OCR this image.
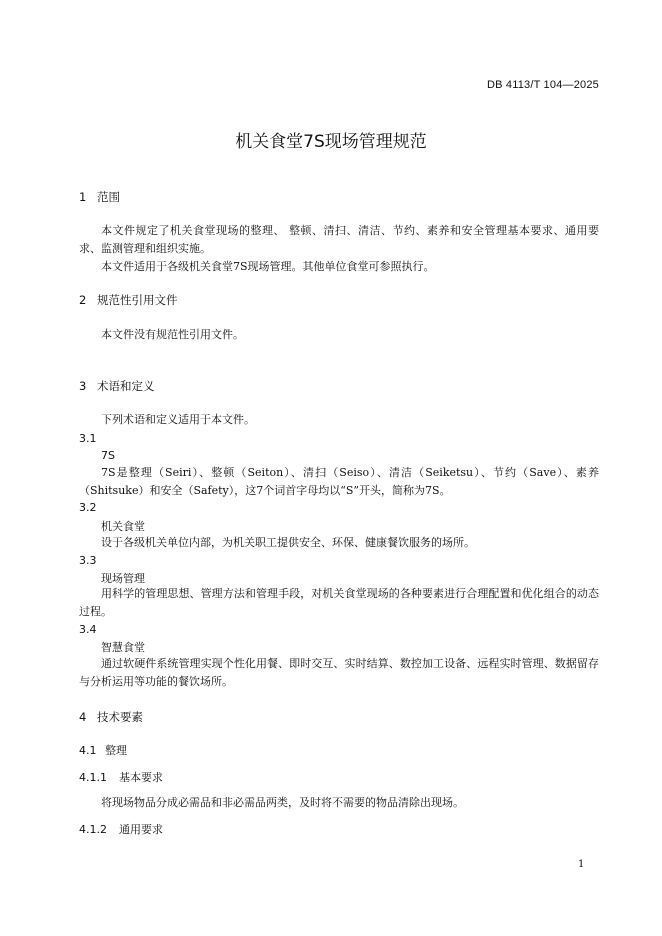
DB 4113/T 104—2025
机关食堂7S现场管理规范
1 范围
本文件规定了机关食堂现场的整理、 整顿、清扫、清洁、节约、素养和安全管理基本要求、通用要求、监测管理和组织实施。
本文件适用于各级机关食堂7S现场管理。其他单位食堂可参照执行。
2 规范性引用文件
本文件没有规范性引用文件。
3 术语和定义
下列术语和定义适用于本文件。
3.1
7S
7S是整理（Seiri）、整顿（Seiton）、清扫（Seiso）、清洁（Seiketsu）、节约（Save）、素养（Shitsuke）和安全（Safety），这7个词首字母均以“S”开头，简称为7S。
3.2
机关食堂
设于各级机关单位内部，为机关职工提供安全、环保、健康餐饮服务的场所。
3.3
现场管理
用科学的管理思想、管理方法和管理手段，对机关食堂现场的各种要素进行合理配置和优化组合的动态过程。
3.4
智慧食堂
通过软硬件系统管理实现个性化用餐、即时交互、实时结算、数控加工设备、远程实时管理、数据留存与分析运用等功能的餐饮场所。
4 技术要素
4.1 整理
4.1.1 基本要求
将现场物品分成必需品和非必需品两类，及时将不需要的物品清除出现场。
4.1.2 通用要求
1
